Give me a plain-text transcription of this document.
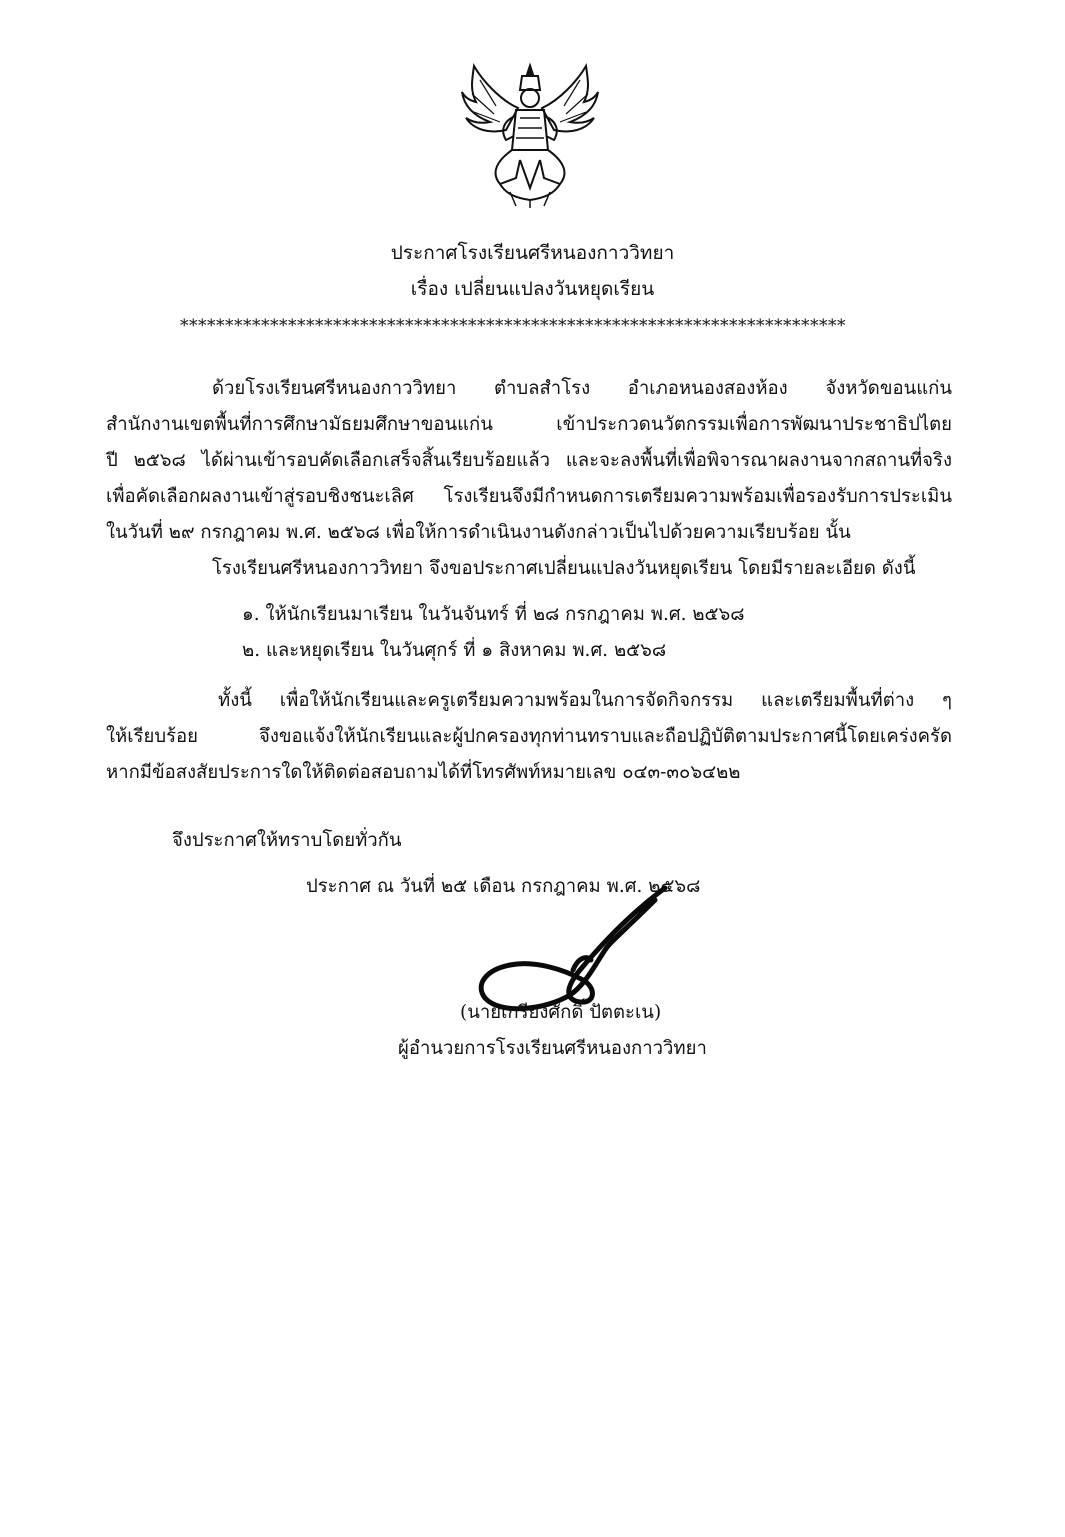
ประกาศโรงเรียนศรีหนองกาววิทยา
เรื่อง เปลี่ยนแปลงวันหยุดเรียน
**************************************************************************
ด้วยโรงเรียนศรีหนองกาววิทยา ตำบลสำโรง อำเภอหนองสองห้อง จังหวัดขอนแก่น
สำนักงานเขตพื้นที่การศึกษามัธยมศึกษาขอนแก่น เข้าประกวดนวัตกรรมเพื่อการพัฒนาประชาธิปไตย
ปี ๒๕๖๘ ได้ผ่านเข้ารอบคัดเลือกเสร็จสิ้นเรียบร้อยแล้ว และจะลงพื้นที่เพื่อพิจารณาผลงานจากสถานที่จริง
เพื่อคัดเลือกผลงานเข้าสู่รอบชิงชนะเลิศ โรงเรียนจึงมีกำหนดการเตรียมความพร้อมเพื่อรองรับการประเมิน
ในวันที่ ๒๙ กรกฎาคม พ.ศ. ๒๕๖๘ เพื่อให้การดำเนินงานดังกล่าวเป็นไปด้วยความเรียบร้อย นั้น
โรงเรียนศรีหนองกาววิทยา จึงขอประกาศเปลี่ยนแปลงวันหยุดเรียน โดยมีรายละเอียด ดังนี้
๑. ให้นักเรียนมาเรียน ในวันจันทร์ ที่ ๒๘ กรกฎาคม พ.ศ. ๒๕๖๘
๒. และหยุดเรียน ในวันศุกร์ ที่ ๑ สิงหาคม พ.ศ. ๒๕๖๘
ทั้งนี้ เพื่อให้นักเรียนและครูเตรียมความพร้อมในการจัดกิจกรรม และเตรียมพื้นที่ต่าง ๆ
ให้เรียบร้อย จึงขอแจ้งให้นักเรียนและผู้ปกครองทุกท่านทราบและถือปฏิบัติตามประกาศนี้โดยเคร่งครัด
หากมีข้อสงสัยประการใดให้ติดต่อสอบถามได้ที่โทรศัพท์หมายเลข ๐๔๓-๓๐๖๔๒๒
จึงประกาศให้ทราบโดยทั่วกัน
ประกาศ ณ วันที่ ๒๕ เดือน กรกฎาคม พ.ศ. ๒๕๖๘
(นายเกรียงศักดิ์ ปัตตะเน)
ผู้อำนวยการโรงเรียนศรีหนองกาววิทยา
